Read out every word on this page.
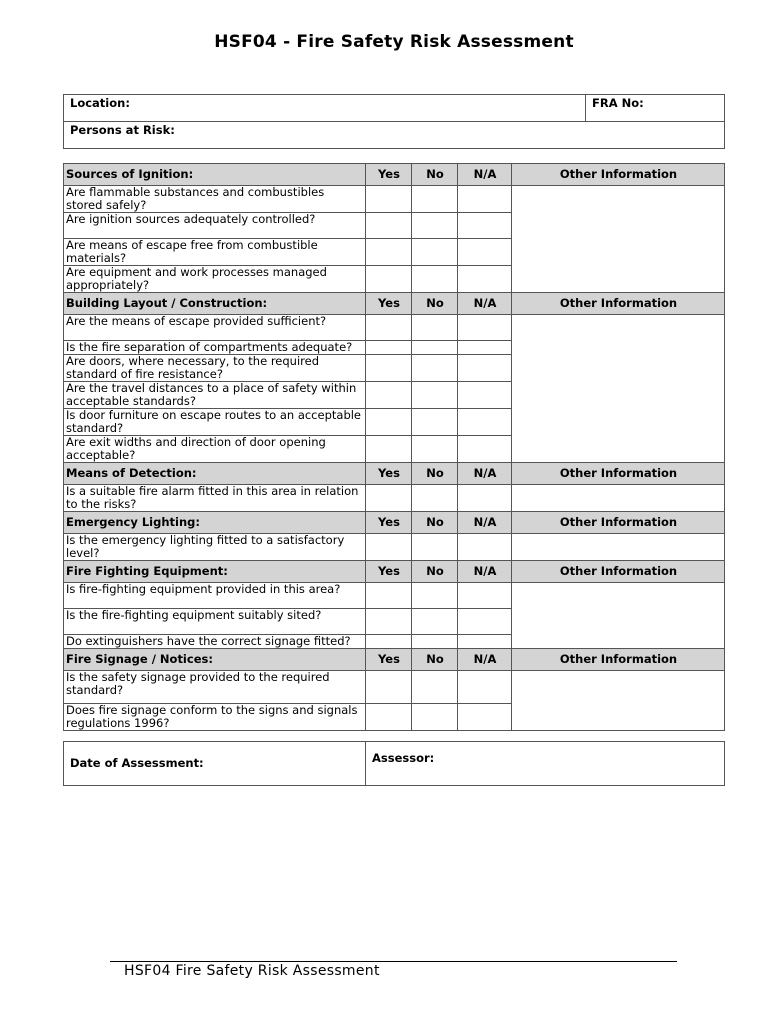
HSF04 - Fire Safety Risk Assessment
Location:	FRA No:
Persons at Risk:
Sources of Ignition:	Yes	No	N/A	Other Information
Are flammable substances and combustibles stored safely?				
Are ignition sources adequately controlled?				
Are means of escape free from combustible materials?				
Are equipment and work processes managed appropriately?				
Building Layout / Construction:	Yes	No	N/A	Other Information
Are the means of escape provided sufficient?				
Is the fire separation of compartments adequate?				
Are doors, where necessary, to the required standard of fire resistance?				
Are the travel distances to a place of safety within acceptable standards?				
Is door furniture on escape routes to an acceptable standard?				
Are exit widths and direction of door opening acceptable?				
Means of Detection:	Yes	No	N/A	Other Information
Is a suitable fire alarm fitted in this area in relation to the risks?				
Emergency Lighting:	Yes	No	N/A	Other Information
Is the emergency lighting fitted to a satisfactory level?				
Fire Fighting Equipment:	Yes	No	N/A	Other Information
Is fire-fighting equipment provided in this area?				
Is the fire-fighting equipment suitably sited?				
Do extinguishers have the correct signage fitted?				
Fire Signage / Notices:	Yes	No	N/A	Other Information
Is the safety signage provided to the required standard?				
Does fire signage conform to the signs and signals regulations 1996?				
Date of Assessment:	Assessor:
HSF04 Fire Safety Risk Assessment
